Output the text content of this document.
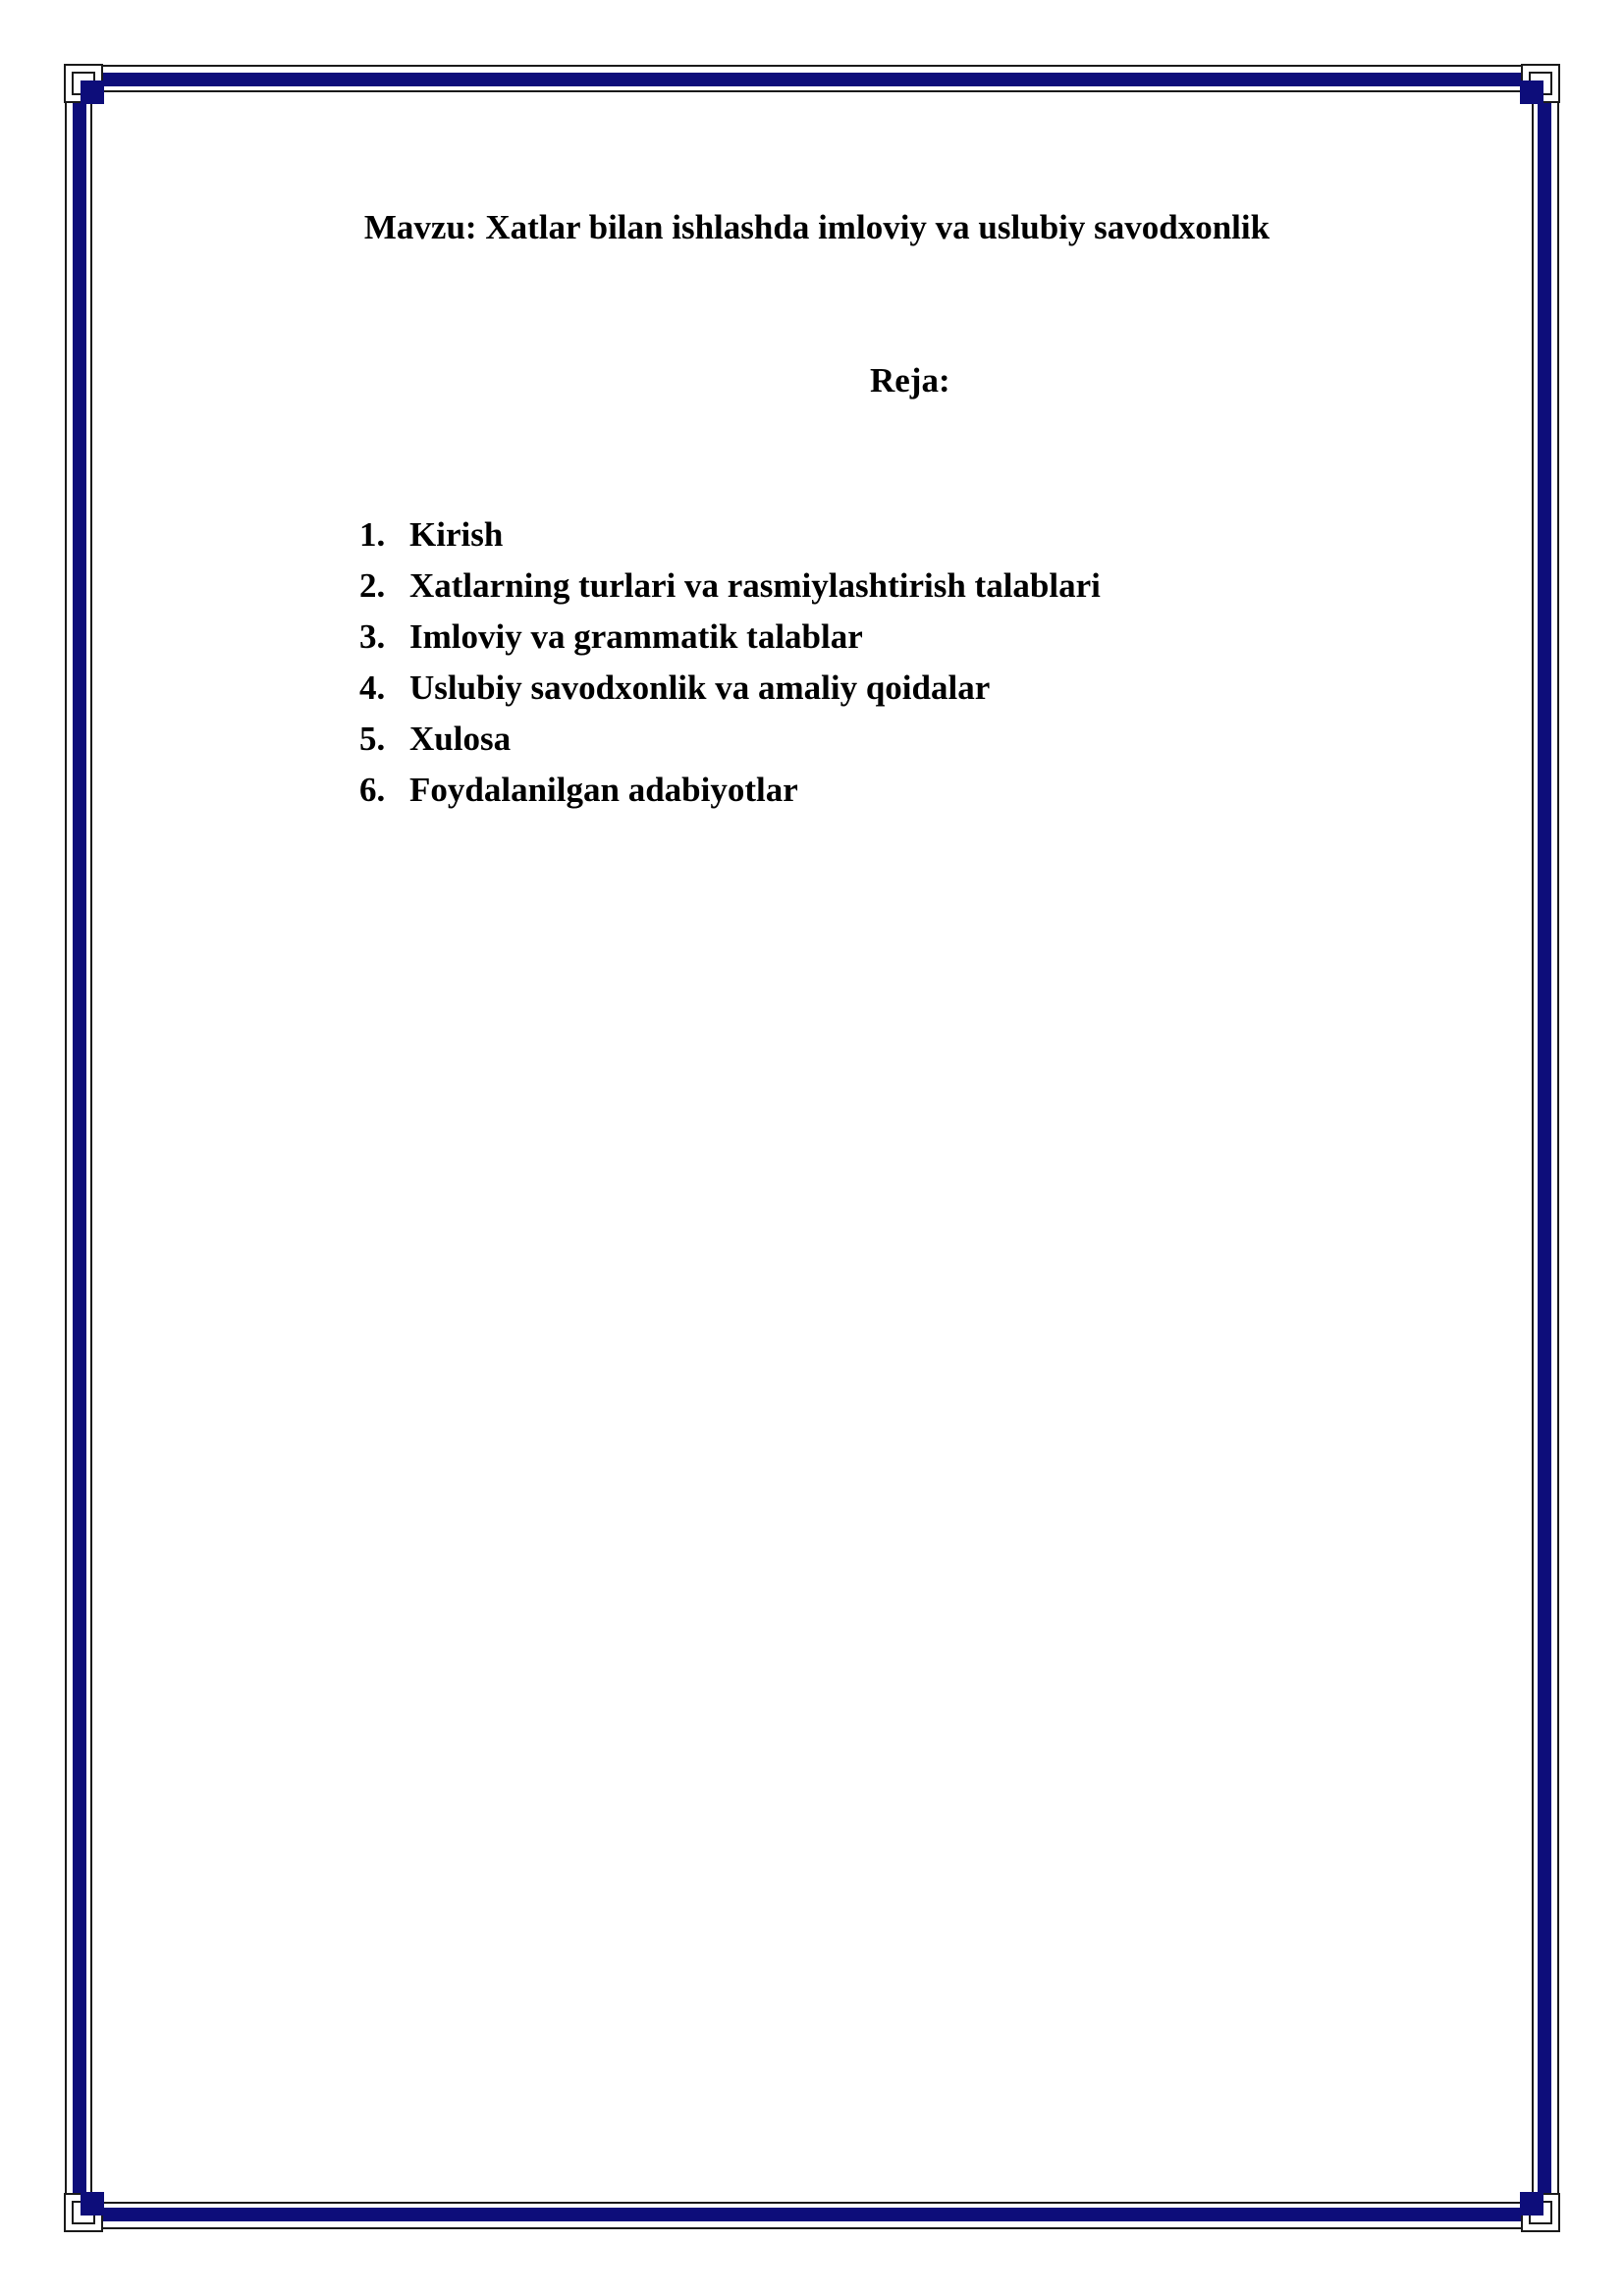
Mavzu: Xatlar bilan ishlashda imloviy va uslubiy savodxonlik
Reja:
1. Kirish
2. Xatlarning turlari va rasmiylashtirish talablari
3. Imloviy va grammatik talablar
4. Uslubiy savodxonlik va amaliy qoidalar
5. Xulosa
6. Foydalanilgan adabiyotlar
